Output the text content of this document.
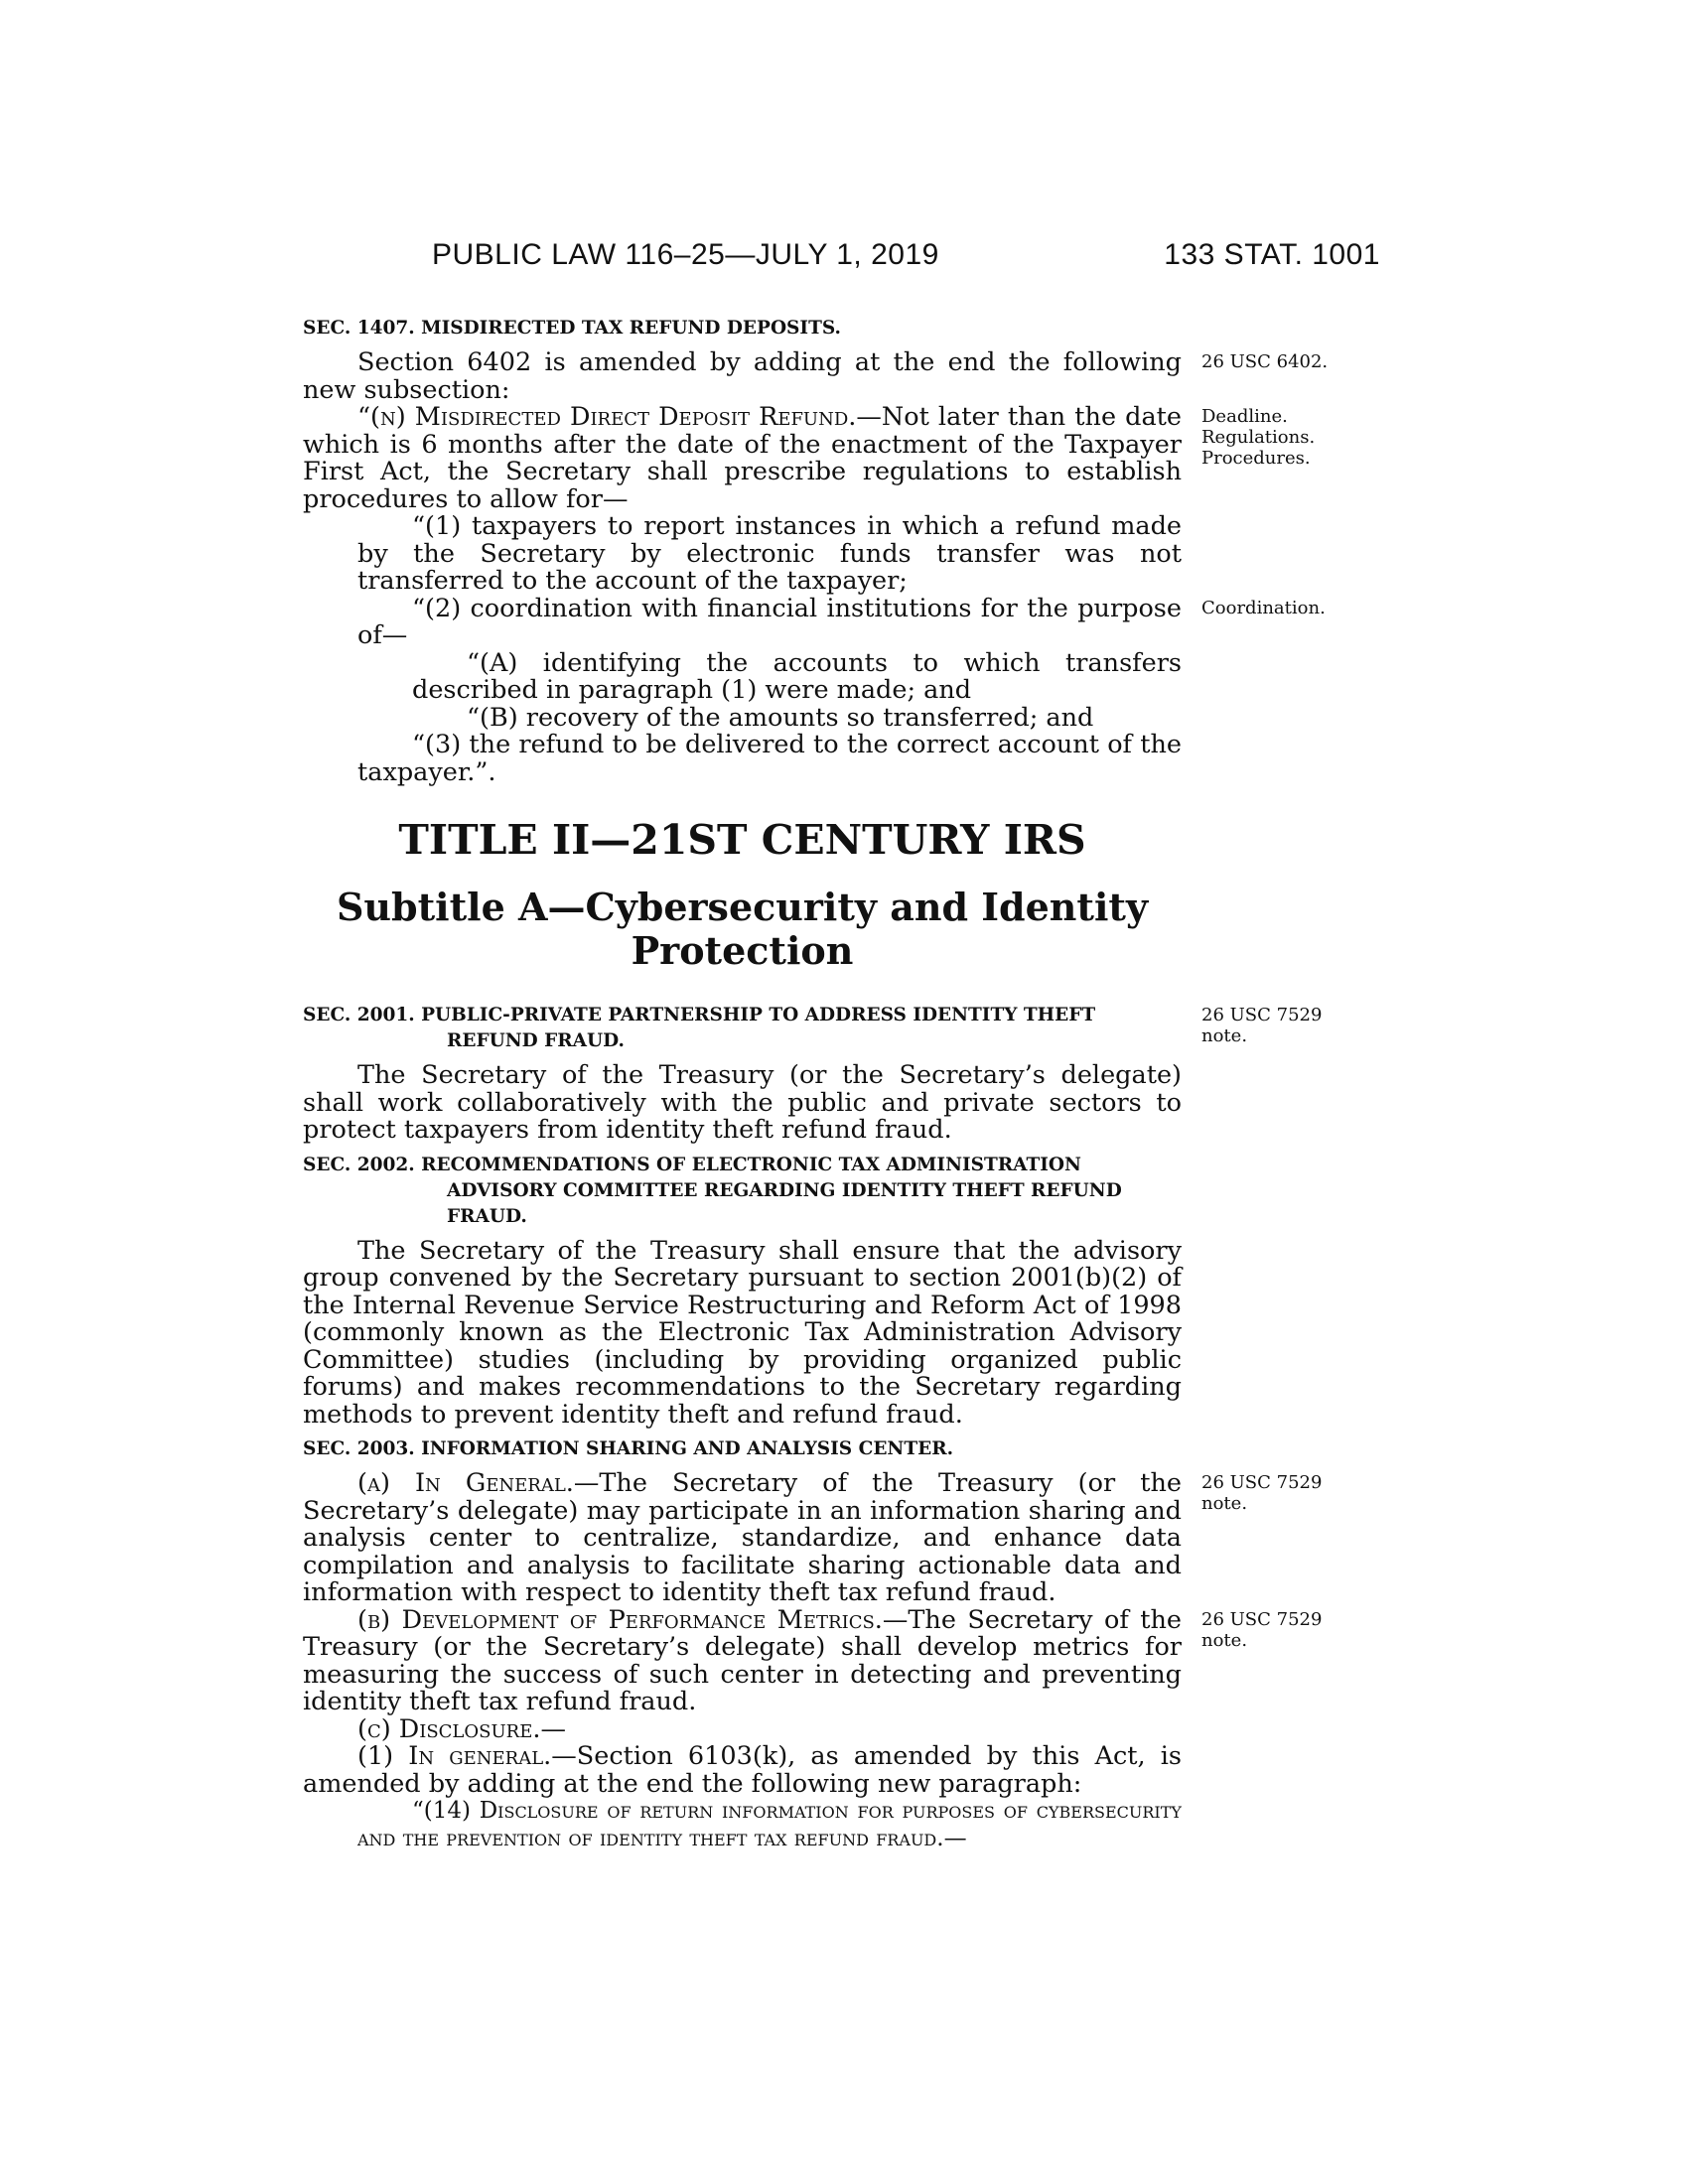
PUBLIC LAW 116–25—JULY 1, 2019	133 STAT. 1001
SEC. 1407. MISDIRECTED TAX REFUND DEPOSITS.
26 USC 6402.

Section 6402 is amended by adding at the end the following new subsection:

Deadline.
Regulations.
Procedures.

“(n) Misdirected Direct Deposit Refund.—Not later than the date which is 6 months after the date of the enactment of the Taxpayer First Act, the Secretary shall prescribe regulations to establish procedures to allow for—

“(1) taxpayers to report instances in which a refund made by the Secretary by electronic funds transfer was not transferred to the account of the taxpayer;

Coordination.

“(2) coordination with financial institutions for the purpose of—

“(A) identifying the accounts to which transfers described in paragraph (1) were made; and

“(B) recovery of the amounts so transferred; and

“(3) the refund to be delivered to the correct account of the taxpayer.”.

TITLE II—21ST CENTURY IRS
Subtitle A—Cybersecurity and Identity
Protection
26 USC 7529
note.
SEC. 2001. PUBLIC-PRIVATE PARTNERSHIP TO ADDRESS IDENTITY THEFT REFUND FRAUD.

The Secretary of the Treasury (or the Secretary’s delegate) shall work collaboratively with the public and private sectors to protect taxpayers from identity theft refund fraud.

SEC. 2002. RECOMMENDATIONS OF ELECTRONIC TAX ADMINISTRATION ADVISORY COMMITTEE REGARDING IDENTITY THEFT REFUND FRAUD.

The Secretary of the Treasury shall ensure that the advisory group convened by the Secretary pursuant to section 2001(b)(2) of the Internal Revenue Service Restructuring and Reform Act of 1998 (commonly known as the Electronic Tax Administration Advisory Committee) studies (including by providing organized public forums) and makes recommendations to the Secretary regarding methods to prevent identity theft and refund fraud.

SEC. 2003. INFORMATION SHARING AND ANALYSIS CENTER.
26 USC 7529
note.

(a) In General.—The Secretary of the Treasury (or the Secretary’s delegate) may participate in an information sharing and analysis center to centralize, standardize, and enhance data compilation and analysis to facilitate sharing actionable data and information with respect to identity theft tax refund fraud.

26 USC 7529
note.

(b) Development of Performance Metrics.—The Secretary of the Treasury (or the Secretary’s delegate) shall develop metrics for measuring the success of such center in detecting and preventing identity theft tax refund fraud.

(c) Disclosure.—

(1) In general.—Section 6103(k), as amended by this Act, is amended by adding at the end the following new paragraph:

“(14) Disclosure of return information for purposes of cybersecurity and the prevention of identity theft tax refund fraud.—
